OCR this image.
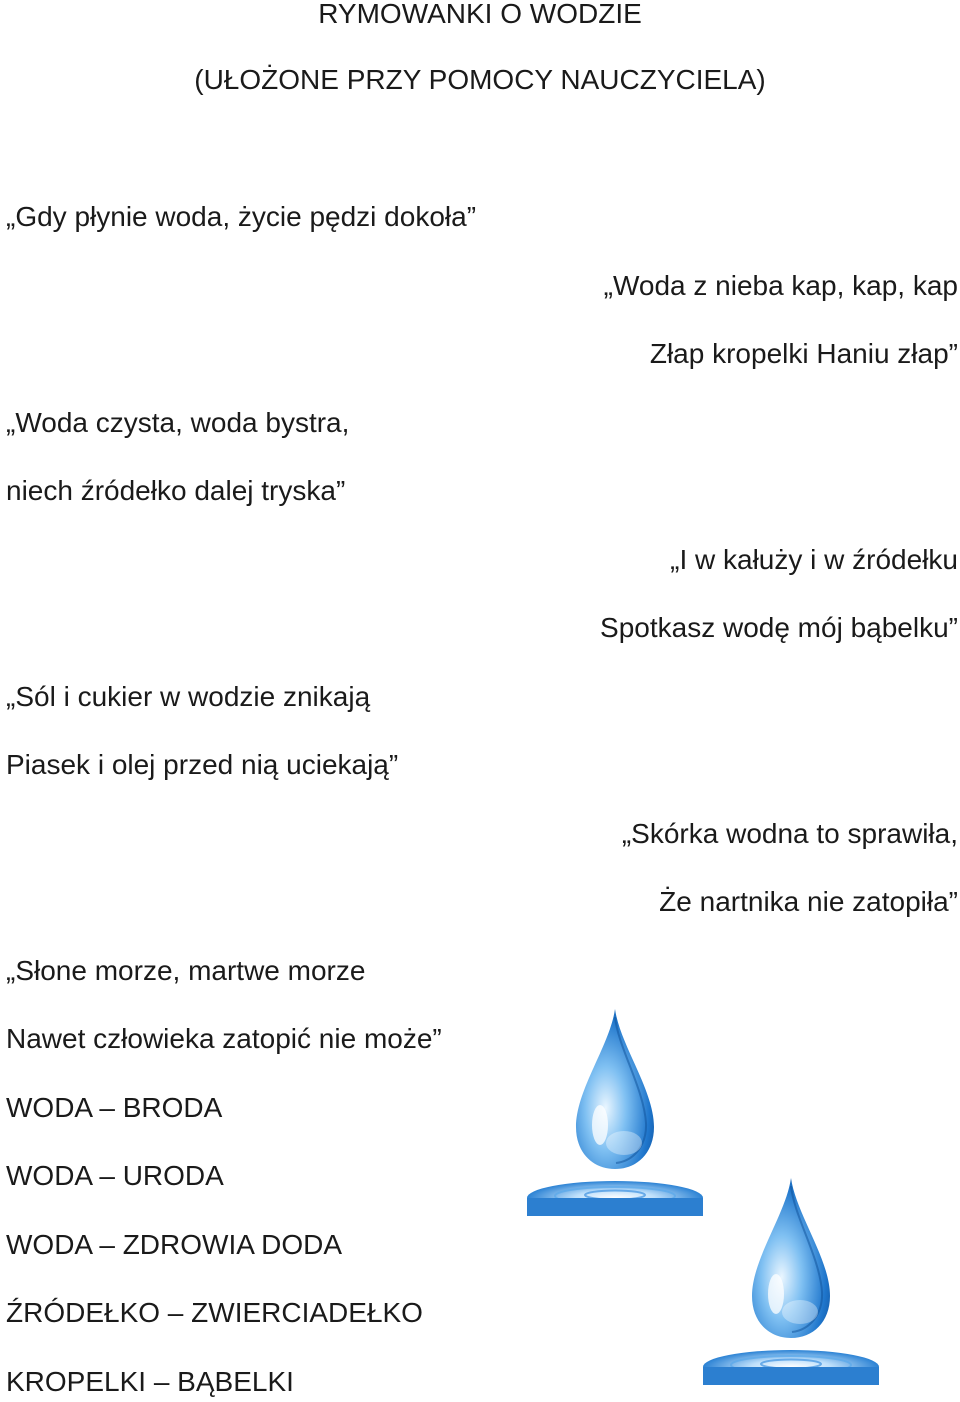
RYMOWANKI O WODZIE

(UŁOŻONE PRZY POMOCY NAUCZYCIELA)

„Gdy płynie woda, życie pędzi dokoła”

„Woda z nieba kap, kap, kap

Złap kropelki Haniu złap”

„Woda czysta, woda bystra,

niech źródełko dalej tryska”

„I w kałuży i w źródełku

Spotkasz wodę mój bąbelku”

„Sól i cukier w wodzie znikają

Piasek i olej przed nią uciekają”

„Skórka wodna to sprawiła,

Że nartnika nie zatopiła”

„Słone morze, martwe morze

Nawet człowieka zatopić nie może”

WODA – BRODA

WODA – URODA

WODA – ZDROWIA DODA

ŹRÓDEŁKO – ZWIERCIADEŁKO

KROPELKI – BĄBELKI
